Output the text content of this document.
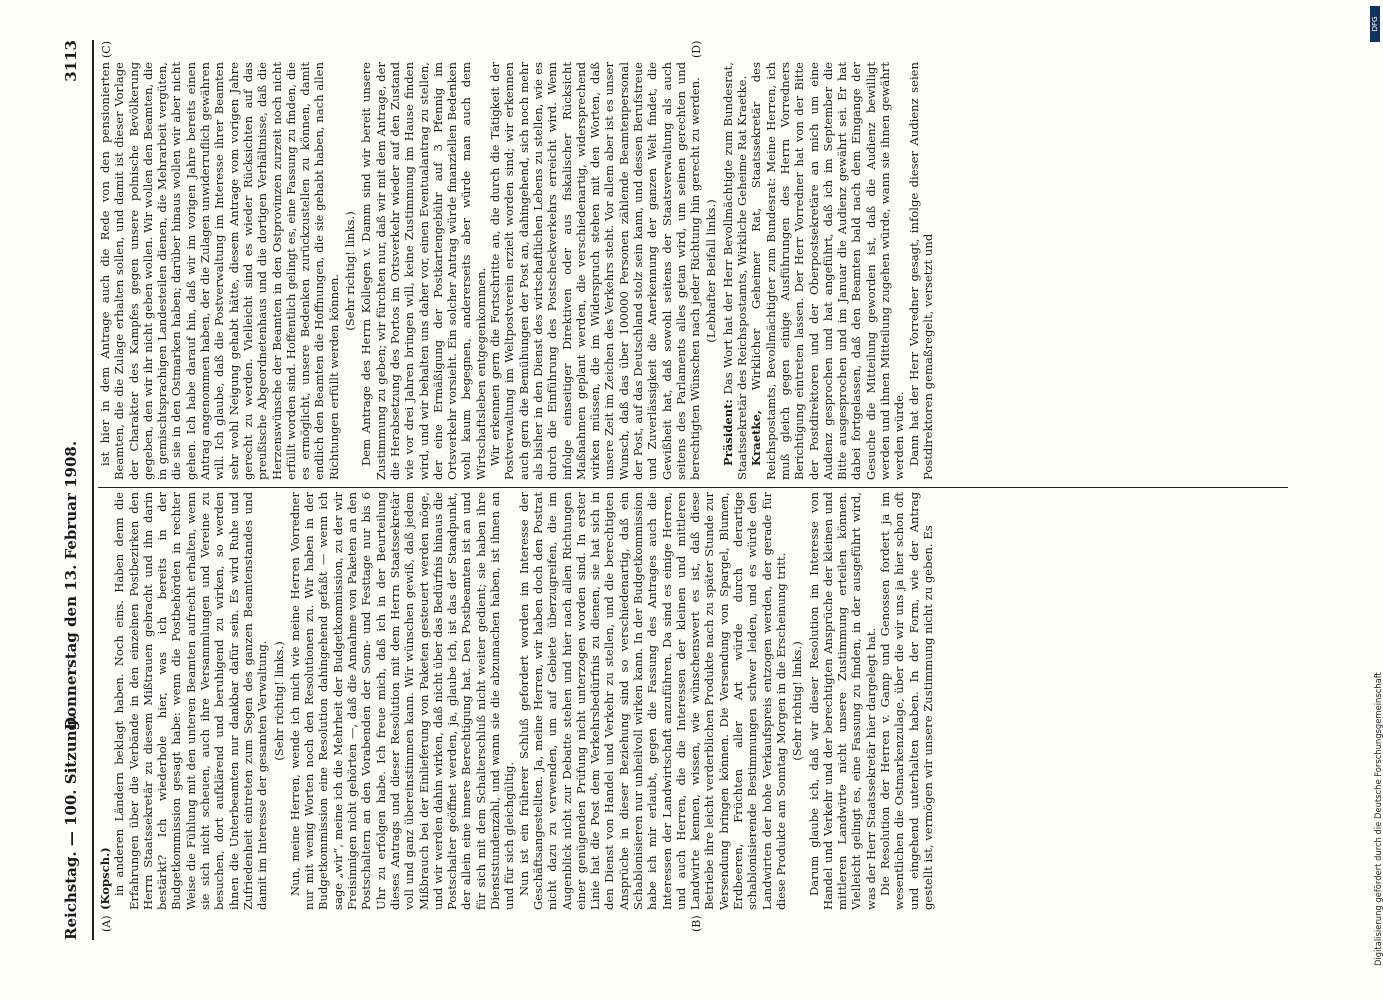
Reichstag. — 100. Sitzung.
Donnerstag den 13. Februar 1908.
3113
(A)	(B)
(C)	(D)

(Kopsch.) in anderen Ländern beklagt haben. Noch eins. Haben denn die Erfahrungen über die Verbände in den einzelnen Postbezirken den Herrn Staatssekretär zu diesem Mißtrauen gebracht und ihn darin bestärkt? Ich wiederhole hier, was ich bereits in der Budgetkommission gesagt habe: wenn die Postbehörden in rechter Weise die Fühlung mit den unteren Beamten aufrecht erhalten, wenn sie sich nicht scheuen, auch ihre Versammlungen und Vereine zu besuchen, dort aufklärend und beruhigend zu wirken, so werden ihnen die Unterbeamten nur dankbar dafür sein. Es wird Ruhe und Zufriedenheit eintreten zum Segen des ganzen Beamtenstandes und damit im Interesse der gesamten Verwaltung. (Sehr richtig! links.) Nun, meine Herren, wende ich mich wie meine Herren Vorredner nur mit wenig Worten noch den Resolutionen zu. Wir haben in der Budgetkommission eine Resolution dahingehend gefaßt — wenn ich sage „wir“, meine ich die Mehrheit der Budgetkommission, zu der wir Freisinnigen nicht gehörten —, daß die Annahme von Paketen an den Postschaltern an den Vorabenden der Sonn- und Festtage nur bis 6 Uhr zu erfolgen habe. Ich freue mich, daß ich in der Beurteilung dieses Antrags und dieser Resolution mit dem Herrn Staatssekretär voll und ganz übereinstimmen kann. Wir wünschen gewiß, daß jedem Mißbrauch bei der Einlieferung von Paketen gesteuert werden möge, und wir werden dahin wirken, daß nicht über das Bedürfnis hinaus die Postschalter geöffnet werden, ja, glaube ich, ist das der Standpunkt, der allein eine innere Berechtigung hat. Den Postbeamten ist an und für sich mit dem Schalterschluß nicht weiter gedient; sie haben ihre Dienststundenzahl, und wann sie die abzumachen haben, ist ihnen an und für sich gleichgültig. Nun ist ein früherer Schluß gefordert worden im Interesse der Geschäftsangestellten. Ja, meine Herren, wir haben doch den Postrat nicht dazu zu verwenden, um auf Gebiete überzugreifen, die im Augenblick nicht zur Debatte stehen und hier nach allen Richtungen einer genügenden Prüfung nicht unterzogen worden sind. In erster Linie hat die Post dem Verkehrsbedürfnis zu dienen, sie hat sich in den Dienst von Handel und Verkehr zu stellen, und die berechtigten Ansprüche in dieser Beziehung sind so verschiedenartig, daß ein Schablonisieren nur unheilvoll wirken kann. In der Budgetkommission habe ich mir erlaubt, gegen die Fassung des Antrages auch die Interessen der Landwirtschaft anzuführen. Da sind es einige Herren, und auch Herren, die die Interessen der kleinen und mittleren Landwirte kennen, wissen, wie wünschenswert es ist, daß diese Betriebe ihre leicht verderblichen Produkte nach zu später Stunde zur Versendung bringen können. Die Versendung von Spargel, Blumen, Erdbeeren, Früchten aller Art würde durch derartige schablonisierende Bestimmungen schwer leiden, und es würde den Landwirten der hohe Verkaufspreis entzogen werden, der gerade für diese Produkte am Sonntag Morgen in die Erscheinung tritt. (Sehr richtig! links.) Darum glaube ich, daß wir dieser Resolution im Interesse von Handel und Verkehr und der berechtigten Ansprüche der kleinen und mittleren Landwirte nicht unsere Zustimmung erteilen können. Vielleicht gelingt es, eine Fassung zu finden, in der ausgeführt wird, was der Herr Staatssekretär hier dargelegt hat. Die Resolution der Herren v. Gamp und Genossen fordert ja im wesentlichen die Ostmarkenzulage, über die wir uns ja hier schon oft und eingehend unterhalten haben. In der Form, wie der Antrag gestellt ist, vermögen wir unsere Zustimmung nicht zu geben. Es

ist hier in dem Antrage auch die Rede von den pensionierten Beamten, die die Zulage erhalten sollen, und damit ist dieser Vorlage der Charakter des Kampfes gegen unsere polnische Bevölkerung gegeben, den wir ihr nicht geben wollen. Wir wollen den Beamten, die in gemischtsprachigen Landesteilen dienen, die Mehrarbeit vergüten, die sie in den Ostmarken haben; darüber hinaus wollen wir aber nicht gehen. Ich habe darauf hin, daß wir im vorigen Jahre bereits einen Antrag angenommen haben, der die Zulagen unwiderruflich gewähren will. Ich glaube, daß die Postverwaltung im Interesse ihrer Beamten sehr wohl Neigung gehabt hätte, diesem Antrage vom vorigen Jahre gerecht zu werden. Vielleicht sind es wieder Rücksichten auf das preußische Abgeordnetenhaus und die dortigen Verhältnisse, daß die Herzenswünsche der Beamten in den Ostprovinzen zurzeit noch nicht erfüllt worden sind. Hoffentlich gelingt es, eine Fassung zu finden, die es ermöglicht, unsere Bedenken zurückzustellen zu können, damit endlich den Beamten die Hoffnungen, die sie gehabt haben, nach allen Richtungen erfüllt werden können.

(Sehr richtig! links.) Dem Antrage des Herrn Kollegen v. Damm sind wir bereit unsere Zustimmung zu geben; wir fürchten nur, daß wir mit dem Antrage, der die Herabsetzung des Portos im Ortsverkehr wieder auf den Zustand wie vor drei Jahren bringen will, keine Zustimmung im Hause finden wird, und wir behalten uns daher vor, einen Eventualantrag zu stellen, der eine Ermäßigung der Postkartengebühr auf 3 Pfennig im Ortsverkehr vorsieht. Ein solcher Antrag würde finanziellen Bedenken wohl kaum begegnen, andererseits aber würde man auch dem Wirtschaftsleben entgegenkommen. Wir erkennen gern die Fortschritte an, die durch die Tätigkeit der Postverwaltung im Weltpostverein erzielt worden sind; wir erkennen auch gern die Bemühungen der Post an, dahingehend, sich noch mehr als bisher in den Dienst des wirtschaftlichen Lebens zu stellen, wie es durch die Einführung des Postscheckverkehrs erreicht wird. Wenn infolge einseitiger Direktiven oder aus fiskalischer Rücksicht Maßnahmen geplant werden, die verschiedenartig, widersprechend wirken müssen, die im Widerspruch stehen mit den Worten, daß unsere Zeit im Zeichen des Verkehrs steht. Vor allem aber ist es unser Wunsch, daß das über 100000 Personen zählende Beamtenpersonal der Post, auf das Deutschland stolz sein kann, und dessen Berufstreue und Zuverlässigkeit die Anerkennung der ganzen Welt findet, die Gewißheit hat, daß sowohl seitens der Staatsverwaltung als auch seitens des Parlaments alles getan wird, um seinen gerechten und berechtigten Wünschen nach jeder Richtung hin gerecht zu werden. (Lebhafter Beifall links.)

Präsident: Das Wort hat der Herr Bevollmächtigte zum Bundesrat, Staatssekretär des Reichspostamts, Wirkliche Geheime Rat Kraetke. Kraetke, Wirklicher Geheimer Rat, Staatssekretär des Reichspostamts, Bevollmächtigter zum Bundesrat: Meine Herren, ich muß gleich gegen einige Ausführungen des Herrn Vorredners Berichtigung eintreten lassen. Der Herr Vorredner hat von der Bitte der Postdirektoren und der Oberpostsekretäre an mich um eine Audienz gesprochen und hat angeführt, daß ich im September die Bitte ausgesprochen und im Januar die Audienz gewährt sei. Er hat dabei fortgelassen, daß den Beamten bald nach dem Eingange der Gesuche die Mitteilung geworden ist, daß die Audienz bewilligt werden und ihnen Mitteilung zugehen würde, wann sie ihnen gewährt werden würde. Dann hat der Herr Vorredner gesagt, infolge dieser Audienz seien Postdirektoren gemaßregelt, versetzt und

DFG
Digitalisierung gefördert durch die Deutsche Forschungsgemeinschaft
